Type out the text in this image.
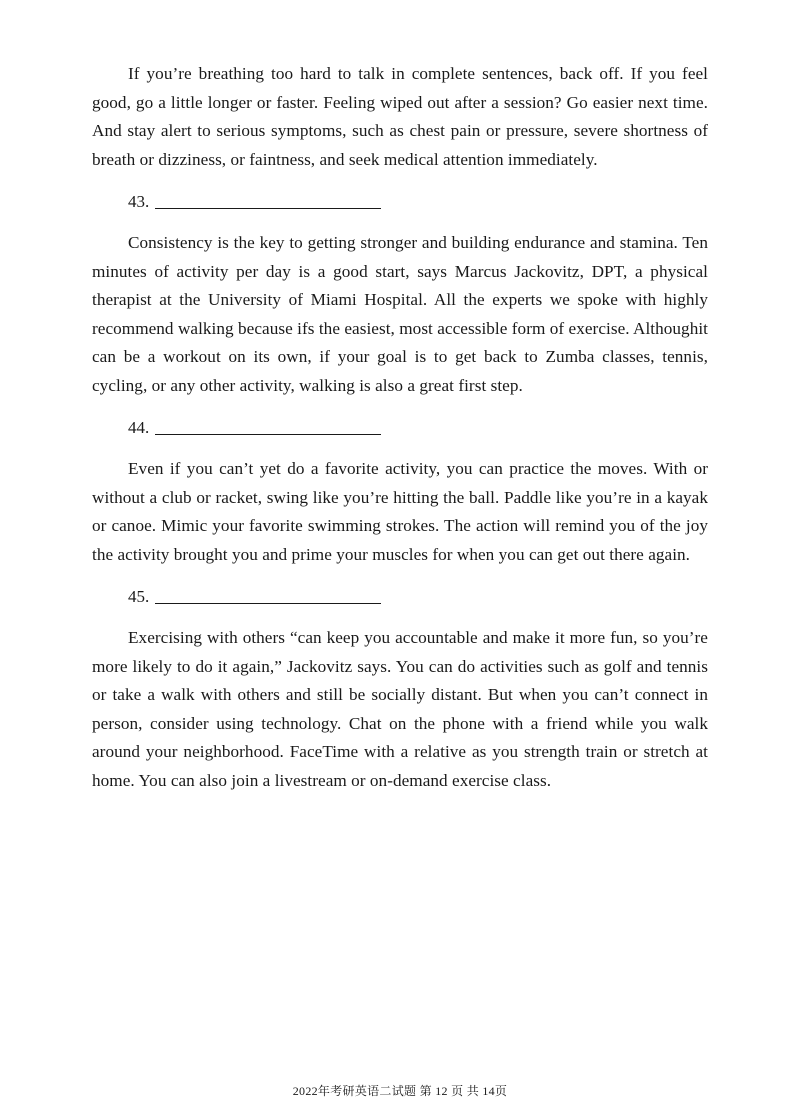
If you’re breathing too hard to talk in complete sentences, back off. If you feel good, go a little longer or faster. Feeling wiped out after a session? Go easier next time. And stay alert to serious symptoms, such as chest pain or pressure, severe shortness of breath or dizziness, or faintness, and seek medical attention immediately.

43.

Consistency is the key to getting stronger and building endurance and stamina. Ten minutes of activity per day is a good start, says Marcus Jackovitz, DPT, a physical therapist at the University of Miami Hospital. All the experts we spoke with highly recommend walking because ifs the easiest, most accessible form of exercise. Althoughit can be a workout on its own, if your goal is to get back to Zumba classes, tennis, cycling, or any other activity, walking is also a great first step.

44.

Even if you can’t yet do a favorite activity, you can practice the moves. With or without a club or racket, swing like you’re hitting the ball. Paddle like you’re in a kayak or canoe. Mimic your favorite swimming strokes. The action will remind you of the joy the activity brought you and prime your muscles for when you can get out there again.

45.

Exercising with others “can keep you accountable and make it more fun, so you’re more likely to do it again,” Jackovitz says. You can do activities such as golf and tennis or take a walk with others and still be socially distant. But when you can’t connect in person, consider using technology. Chat on the phone with a friend while you walk around your neighborhood. FaceTime with a relative as you strength train or stretch at home. You can also join a livestream or on-demand exercise class.

2022年考研英语二试题 第 12 页 共 14页
